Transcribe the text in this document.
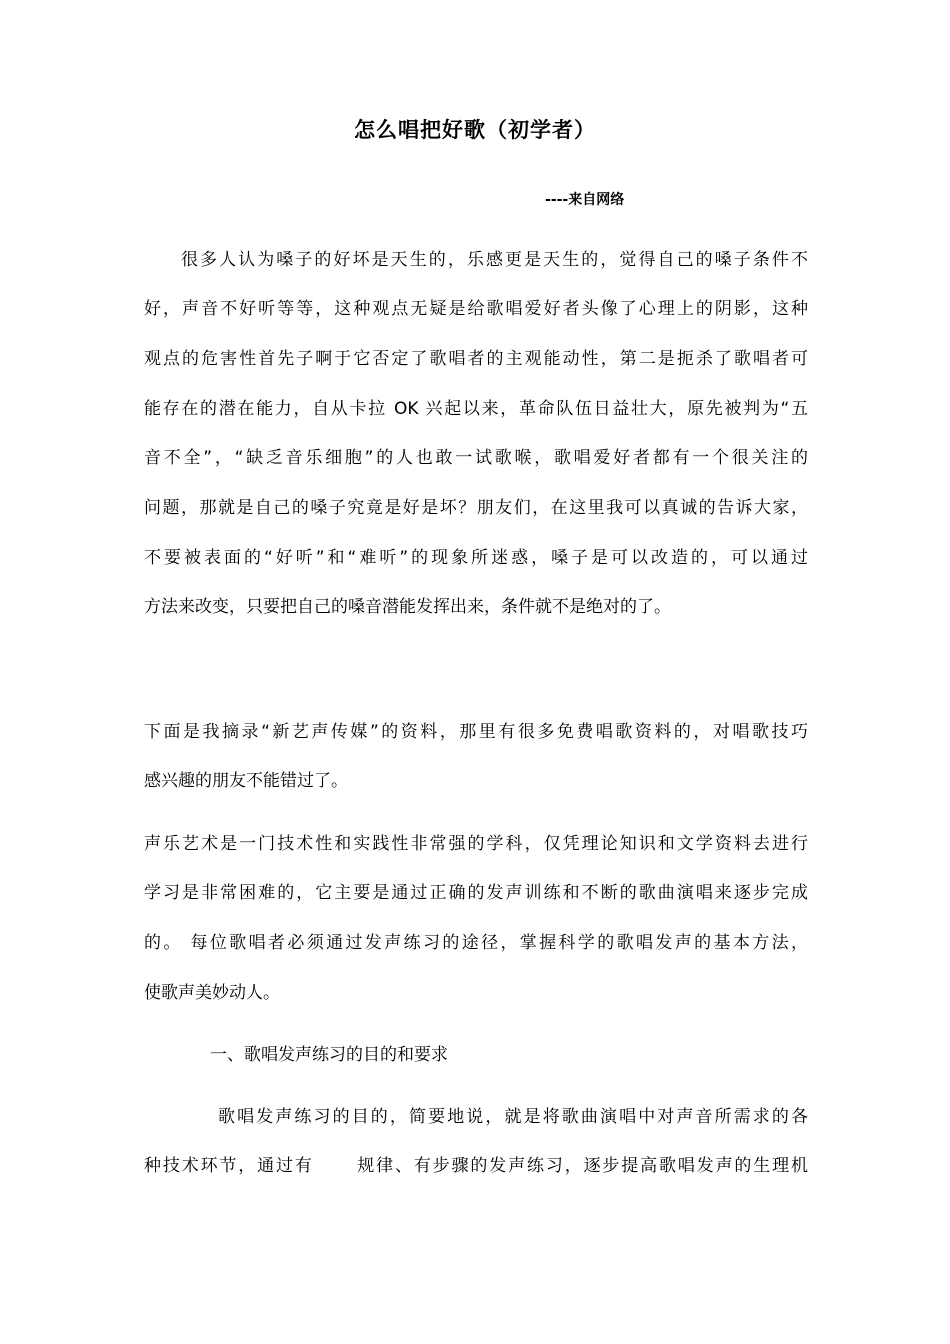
怎么唱把好歌（初学者）
----来自网络
很多人认为嗓子的好坏是天生的，乐感更是天生的，觉得自己的嗓子条件不
好，声音不好听等等，这种观点无疑是给歌唱爱好者头像了心理上的阴影，这种
观点的危害性首先子啊于它否定了歌唱者的主观能动性，第二是扼杀了歌唱者可
能存在的潜在能力，自从卡拉 OK 兴起以来，革命队伍日益壮大，原先被判为“五
音不全”，“缺乏音乐细胞”的人也敢一试歌喉，歌唱爱好者都有一个很关注的
问题，那就是自己的嗓子究竟是好是坏？朋友们，在这里我可以真诚的告诉大家，
不要被表面的“好听”和“难听”的现象所迷惑，嗓子是可以改造的，可以通过
方法来改变，只要把自己的嗓音潜能发挥出来，条件就不是绝对的了。
下面是我摘录“新艺声传媒”的资料，那里有很多免费唱歌资料的，对唱歌技巧
感兴趣的朋友不能错过了。
声乐艺术是一门技术性和实践性非常强的学科，仅凭理论知识和文学资料去进行
学习是非常困难的，它主要是通过正确的发声训练和不断的歌曲演唱来逐步完成
的。 每位歌唱者必须通过发声练习的途径，掌握科学的歌唱发声的基本方法，
使歌声美妙动人。
一、歌唱发声练习的目的和要求
歌唱发声练习的目的，简要地说，就是将歌曲演唱中对声音所需求的各
种技术环节，通过有      规律、有步骤的发声练习，逐步提高歌唱发声的生理机
